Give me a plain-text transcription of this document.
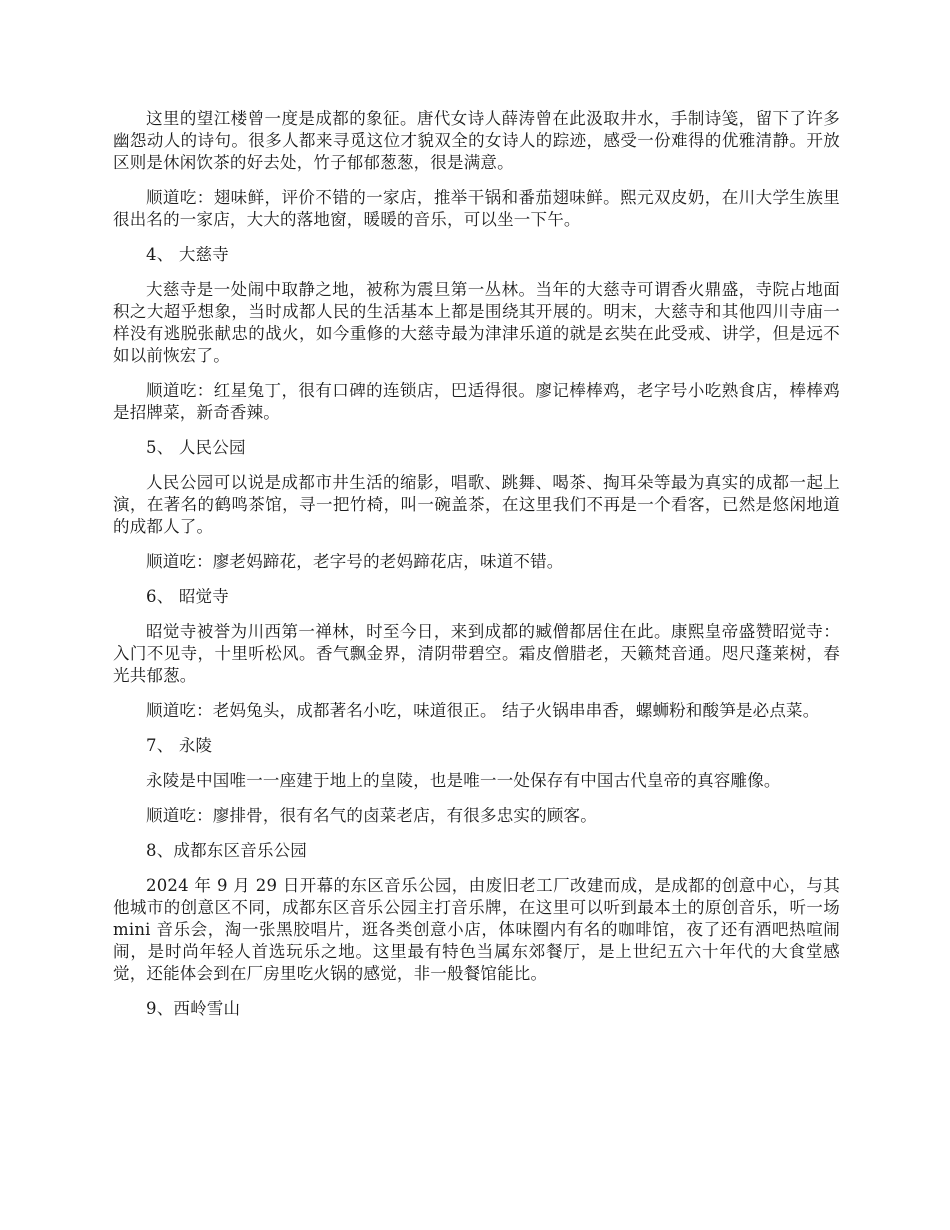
这里的望江楼曾一度是成都的象征。唐代女诗人薛涛曾在此汲取井水，手制诗笺，留下了许多幽怨动人的诗句。很多人都来寻觅这位才貌双全的女诗人的踪迹，感受一份难得的优雅清静。开放区则是休闲饮茶的好去处，竹子郁郁葱葱，很是满意。

顺道吃：翅味鲜，评价不错的一家店，推举干锅和番茄翅味鲜。熙元双皮奶，在川大学生族里很出名的一家店，大大的落地窗，暖暖的音乐，可以坐一下午。

4、 大慈寺

大慈寺是一处闹中取静之地，被称为震旦第一丛林。当年的大慈寺可谓香火鼎盛，寺院占地面积之大超乎想象，当时成都人民的生活基本上都是围绕其开展的。明末，大慈寺和其他四川寺庙一样没有逃脱张献忠的战火，如今重修的大慈寺最为津津乐道的就是玄奘在此受戒、讲学，但是远不如以前恢宏了。

顺道吃：红星兔丁，很有口碑的连锁店，巴适得很。廖记棒棒鸡，老字号小吃熟食店，棒棒鸡是招牌菜，新奇香辣。

5、 人民公园

人民公园可以说是成都市井生活的缩影，唱歌、跳舞、喝茶、掏耳朵等最为真实的成都一起上演，在著名的鹤鸣茶馆，寻一把竹椅，叫一碗盖茶，在这里我们不再是一个看客，已然是悠闲地道的成都人了。

顺道吃：廖老妈蹄花，老字号的老妈蹄花店，味道不错。

6、 昭觉寺

昭觉寺被誉为川西第一禅林，时至今日，来到成都的臧僧都居住在此。康熙皇帝盛赞昭觉寺：入门不见寺，十里听松风。香气飘金界，清阴带碧空。霜皮僧腊老，天籁梵音通。咫尺蓬莱树，春光共郁葱。

顺道吃：老妈兔头，成都著名小吃，味道很正。 结子火锅串串香，螺蛳粉和酸笋是必点菜。

7、 永陵

永陵是中国唯一一座建于地上的皇陵，也是唯一一处保存有中国古代皇帝的真容雕像。

顺道吃：廖排骨，很有名气的卤菜老店，有很多忠实的顾客。

8、成都东区音乐公园

2024 年 9 月 29 日开幕的东区音乐公园，由废旧老工厂改建而成，是成都的创意中心，与其他城市的创意区不同，成都东区音乐公园主打音乐牌，在这里可以听到最本土的原创音乐，听一场 mini 音乐会，淘一张黑胶唱片，逛各类创意小店，体味圈内有名的咖啡馆，夜了还有酒吧热喧闹闹，是时尚年轻人首选玩乐之地。这里最有特色当属东郊餐厅，是上世纪五六十年代的大食堂感觉，还能体会到在厂房里吃火锅的感觉，非一般餐馆能比。

9、西岭雪山
